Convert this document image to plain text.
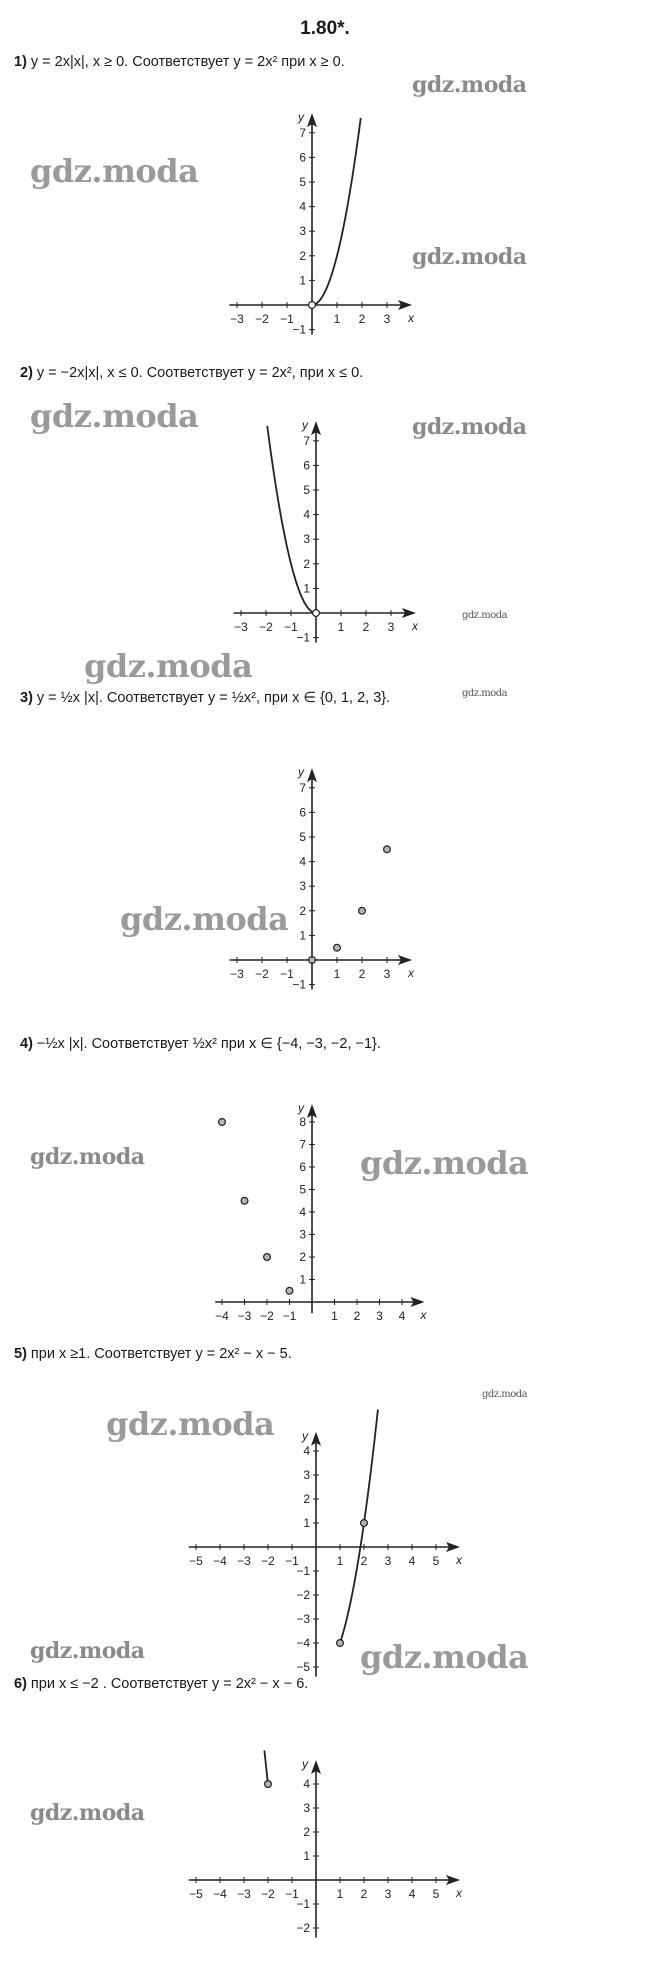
1.80*.
1) y = 2x|x|, x ≥ 0. Соответствует y = 2x² при x ≥ 0.
2) y = −2x|x|, x ≤ 0. Соответствует y = 2x², при x ≤ 0.
3) y = ½x |x|. Соответствует y = ½x², при x ∈ {0, 1, 2, 3}.
4) −½x |x|. Соответствует ½x² при x ∈ {−4, −3, −2, −1}.
5) при x ≥1. Соответствует y = 2x² − x − 5.
6) при x ≤ −2 . Соответствует y = 2x² − x − 6.
x
y
−3 −2 −1	1 2 3
−1
1
2
3
4
5
6
7
x
y
−3 −2 −1	1 2 3
−1
1
2
3
4
5
6
7
x
y
−3 −2 −1	1 2 3
−1
1
2
3
4
5
6
7
x
y
−4 −3 −2 −1	1 2 3 4
1
2
3
4
5
6
7
8
x
y
−5 −4 −3 −2 −1	1 2 3 4 5
−5
−4
−3
−2
−1
1
2
3
4
x
y
−5 −4 −3 −2 −1	1 2 3 4 5
−2
−1
1
2
3
4
gdz.moda
gdz.moda
gdz.moda
gdz.moda	gdz.moda
gdz.moda
gdz.moda
gdz.moda
gdz.moda
gdz.moda	gdz.moda
gdz.moda
gdz.moda
gdz.moda	gdz.moda
gdz.moda
